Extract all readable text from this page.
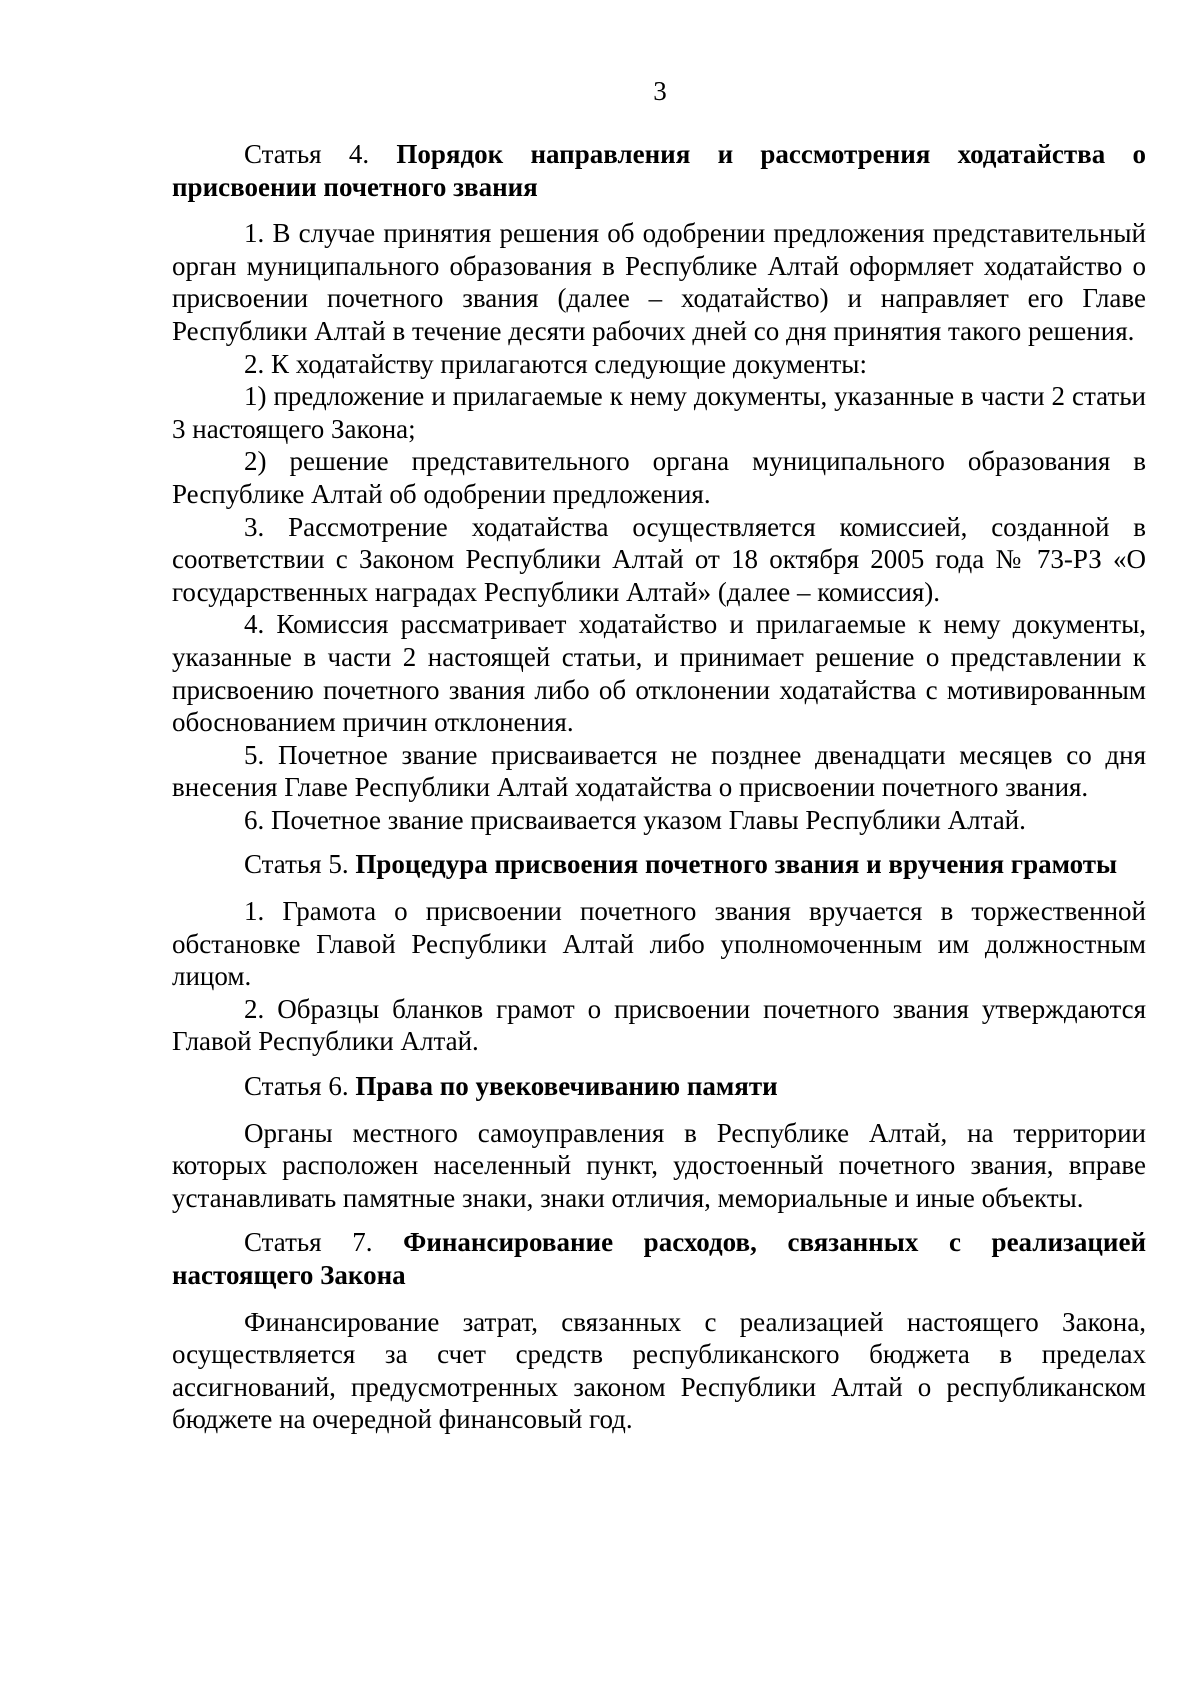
3

Статья 4. Порядок направления и рассмотрения ходатайства о присвоении почетного звания

1. В случае принятия решения об одобрении предложения представительный орган муниципального образования в Республике Алтай оформляет ходатайство о присвоении почетного звания (далее – ходатайство) и направляет его Главе Республики Алтай в течение десяти рабочих дней со дня принятия такого решения.

2. К ходатайству прилагаются следующие документы:

1) предложение и прилагаемые к нему документы, указанные в части 2 статьи 3 настоящего Закона;

2) решение представительного органа муниципального образования в Республике Алтай об одобрении предложения.

3. Рассмотрение ходатайства осуществляется комиссией, созданной в соответствии с Законом Республики Алтай от 18 октября 2005 года № 73-РЗ «О государственных наградах Республики Алтай» (далее – комиссия).

4. Комиссия рассматривает ходатайство и прилагаемые к нему документы, указанные в части 2 настоящей статьи, и принимает решение о представлении к присвоению почетного звания либо об отклонении ходатайства с мотивированным обоснованием причин отклонения.

5. Почетное звание присваивается не позднее двенадцати месяцев со дня внесения Главе Республики Алтай ходатайства о присвоении почетного звания.

6. Почетное звание присваивается указом Главы Республики Алтай.

Статья 5. Процедура присвоения почетного звания и вручения грамоты

1. Грамота о присвоении почетного звания вручается в торжественной обстановке Главой Республики Алтай либо уполномоченным им должностным лицом.

2. Образцы бланков грамот о присвоении почетного звания утверждаются Главой Республики Алтай.

Статья 6. Права по увековечиванию памяти

Органы местного самоуправления в Республике Алтай, на территории которых расположен населенный пункт, удостоенный почетного звания, вправе устанавливать памятные знаки, знаки отличия, мемориальные и иные объекты.

Статья 7. Финансирование расходов, связанных с реализацией настоящего Закона

Финансирование затрат, связанных с реализацией настоящего Закона, осуществляется за счет средств республиканского бюджета в пределах ассигнований, предусмотренных законом Республики Алтай о республиканском бюджете на очередной финансовый год.
